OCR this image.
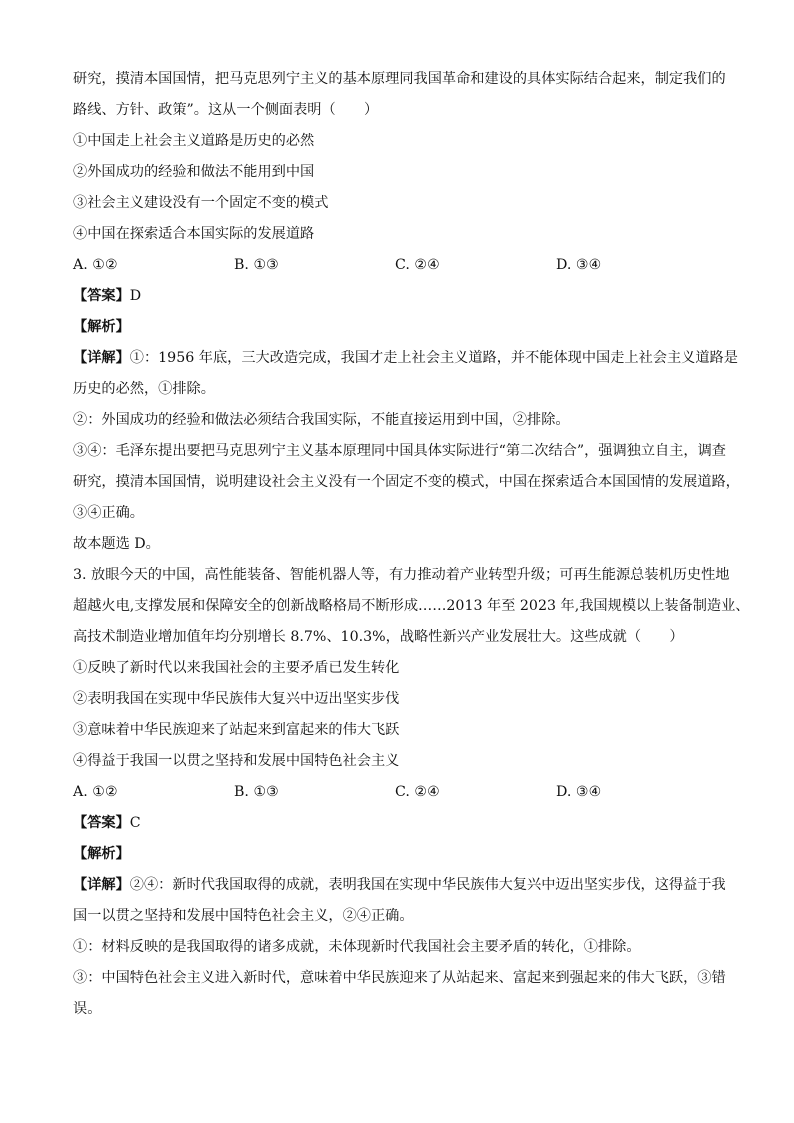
研究，摸清本国国情，把马克思列宁主义的基本原理同我国革命和建设的具体实际结合起来，制定我们的
路线、方针、政策”。这从一个侧面表明（　　）
①中国走上社会主义道路是历史的必然
②外国成功的经验和做法不能用到中国
③社会主义建设没有一个固定不变的模式
④中国在探索适合本国实际的发展道路
A. ①②	B. ①③	C. ②④	D. ③④
【答案】D
【解析】
【详解】①：1956 年底，三大改造完成，我国才走上社会主义道路，并不能体现中国走上社会主义道路是
历史的必然，①排除。
②：外国成功的经验和做法必须结合我国实际，不能直接运用到中国，②排除。
③④：毛泽东提出要把马克思列宁主义基本原理同中国具体实际进行“第二次结合”，强调独立自主，调查
研究，摸清本国国情，说明建设社会主义没有一个固定不变的模式，中国在探索适合本国国情的发展道路，
③④正确。
故本题选 D。
3. 放眼今天的中国，高性能装备、智能机器人等，有力推动着产业转型升级；可再生能源总装机历史性地
超越火电,支撑发展和保障安全的创新战略格局不断形成……2013 年至 2023 年,我国规模以上装备制造业、
高技术制造业增加值年均分别增长 8.7%、10.3%，战略性新兴产业发展壮大。这些成就（　　）
①反映了新时代以来我国社会的主要矛盾已发生转化
②表明我国在实现中华民族伟大复兴中迈出坚实步伐
③意味着中华民族迎来了站起来到富起来的伟大飞跃
④得益于我国一以贯之坚持和发展中国特色社会主义
A. ①②	B. ①③	C. ②④	D. ③④
【答案】C
【解析】
【详解】②④：新时代我国取得的成就，表明我国在实现中华民族伟大复兴中迈出坚实步伐，这得益于我
国一以贯之坚持和发展中国特色社会主义，②④正确。
①：材料反映的是我国取得的诸多成就，未体现新时代我国社会主要矛盾的转化，①排除。
③：中国特色社会主义进入新时代，意味着中华民族迎来了从站起来、富起来到强起来的伟大飞跃，③错
误。
